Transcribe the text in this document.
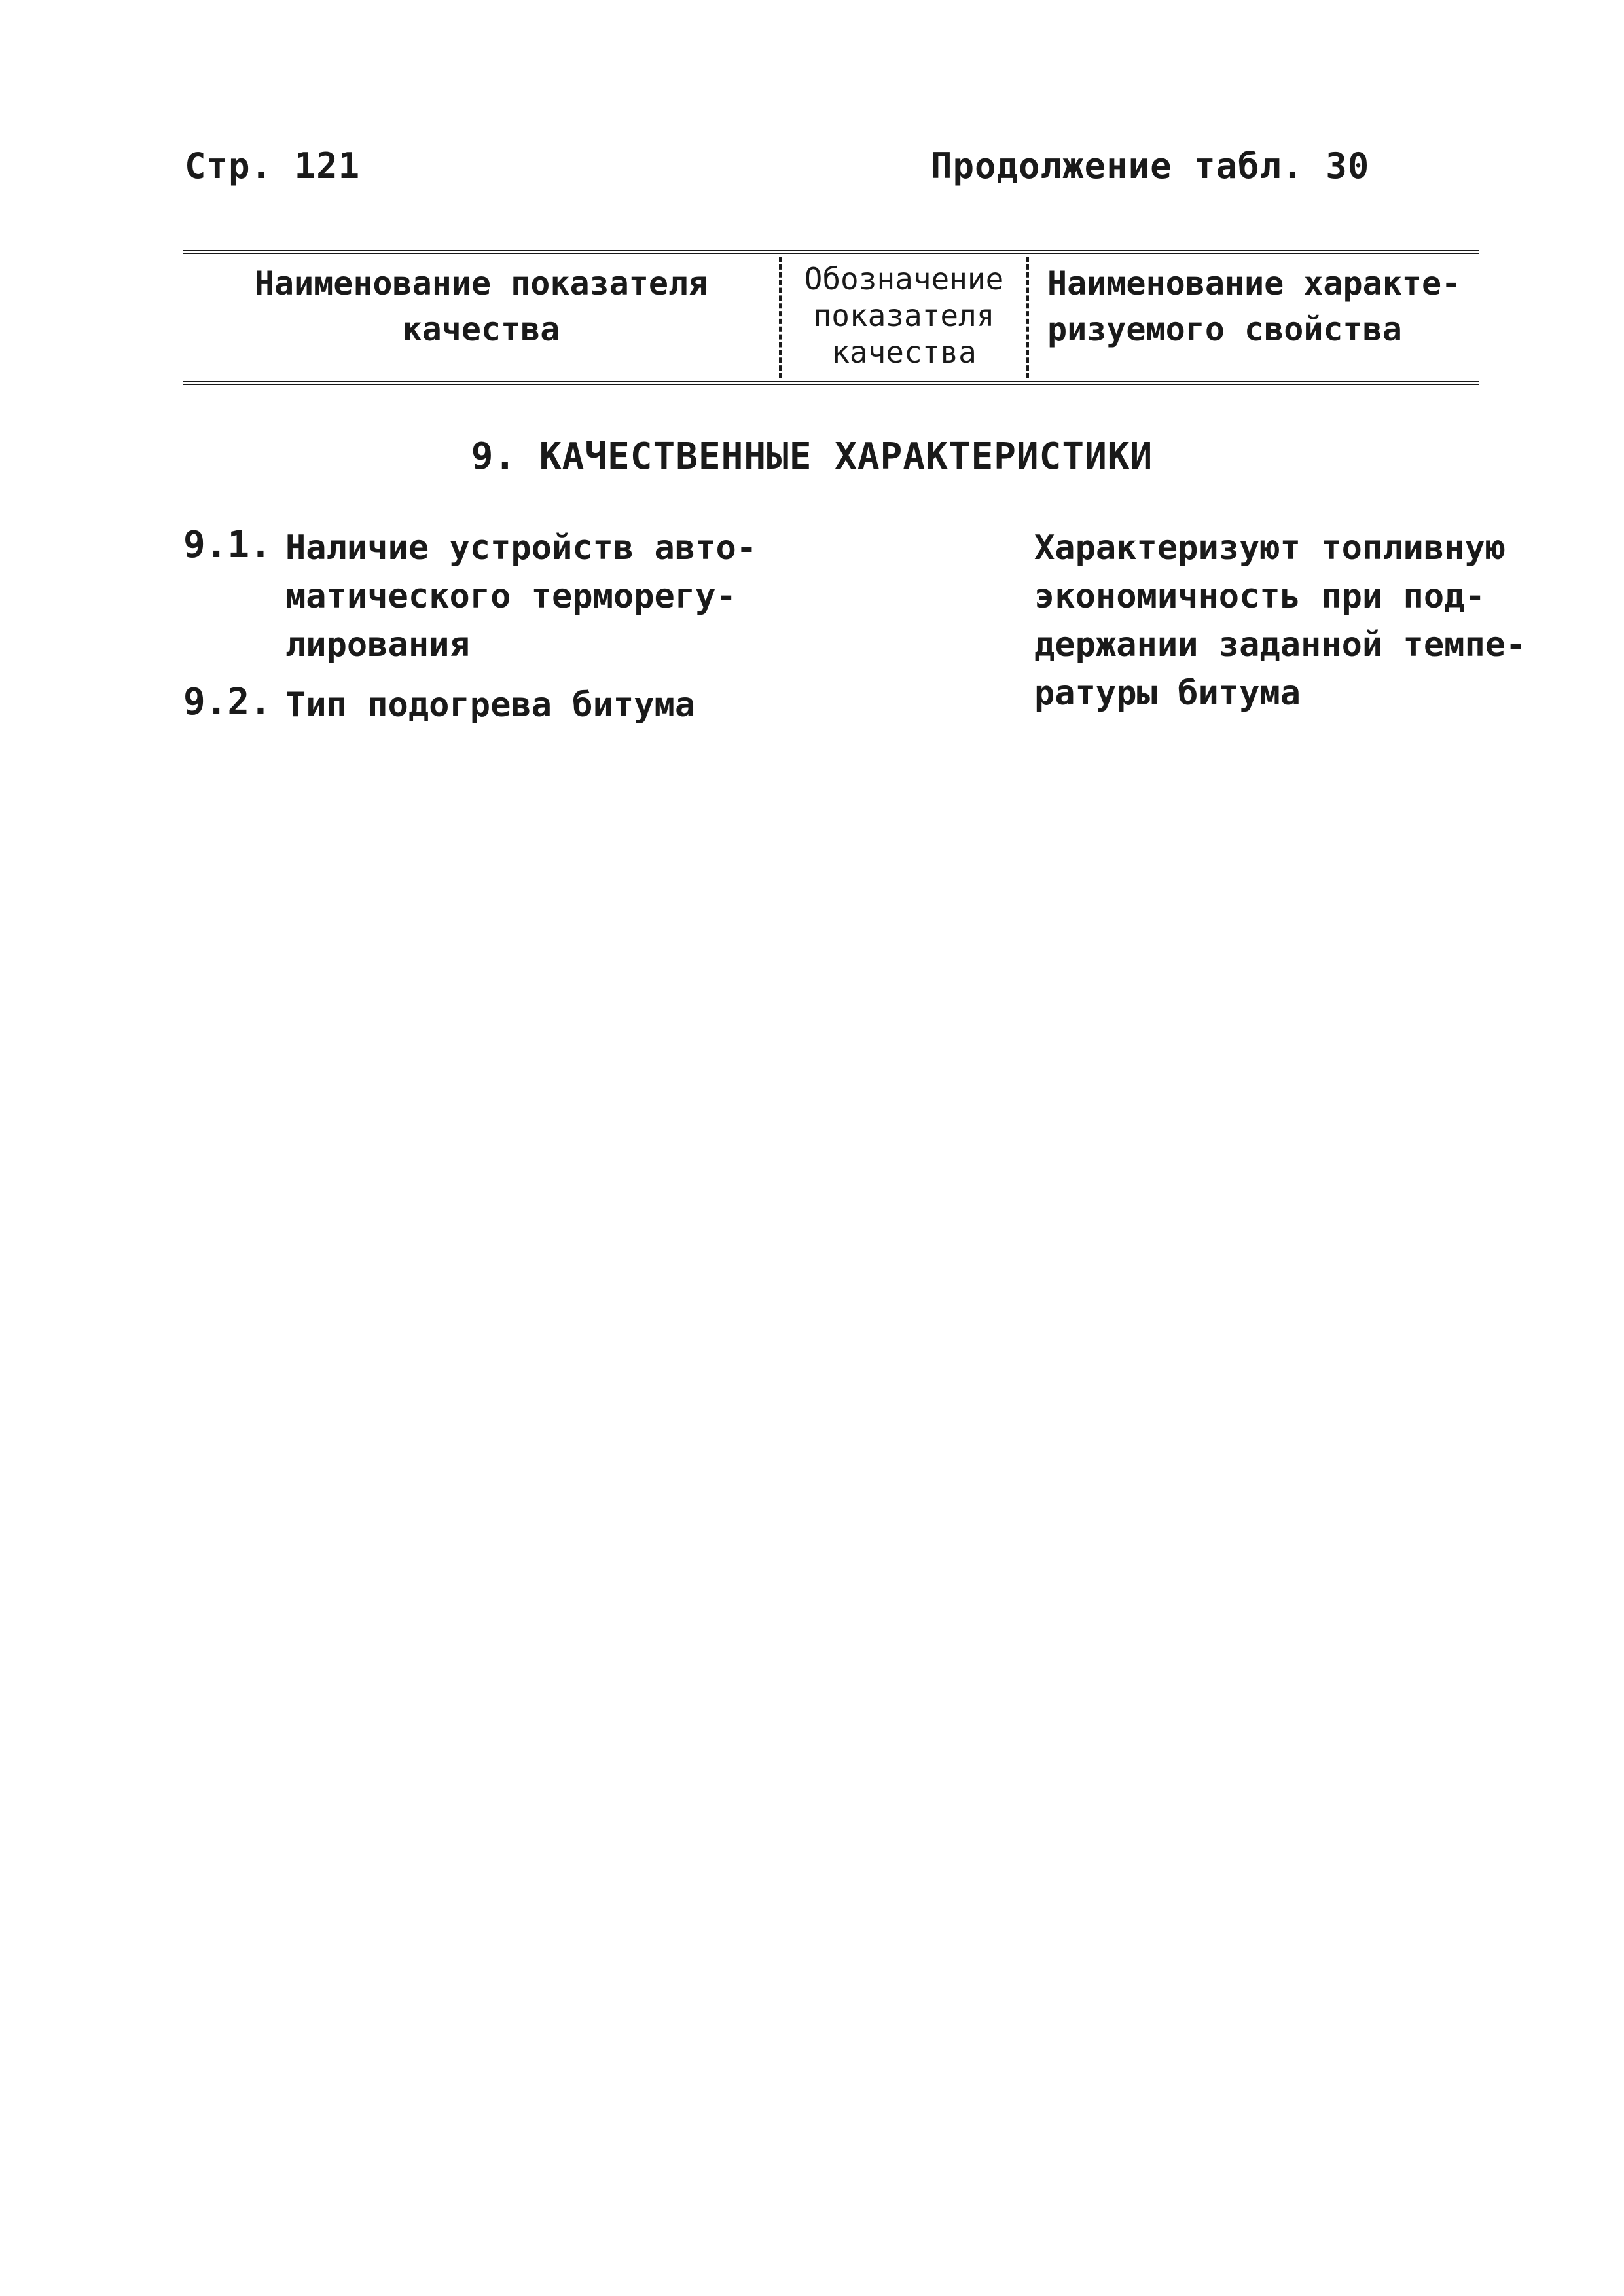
Стр. 121	Продолжение табл. 30
Наименование показателя
качества
Обозначение
показателя
качества
Наименование характе-
ризуемого свойства
9. КАЧЕСТВЕННЫЕ ХАРАКТЕРИСТИКИ
9.1. Наличие устройств авто-
матического терморегу-
лирования
9.2. Тип подогрева битума
Характеризуют топливную
экономичность при под-
держании заданной темпе-
ратуры битума
